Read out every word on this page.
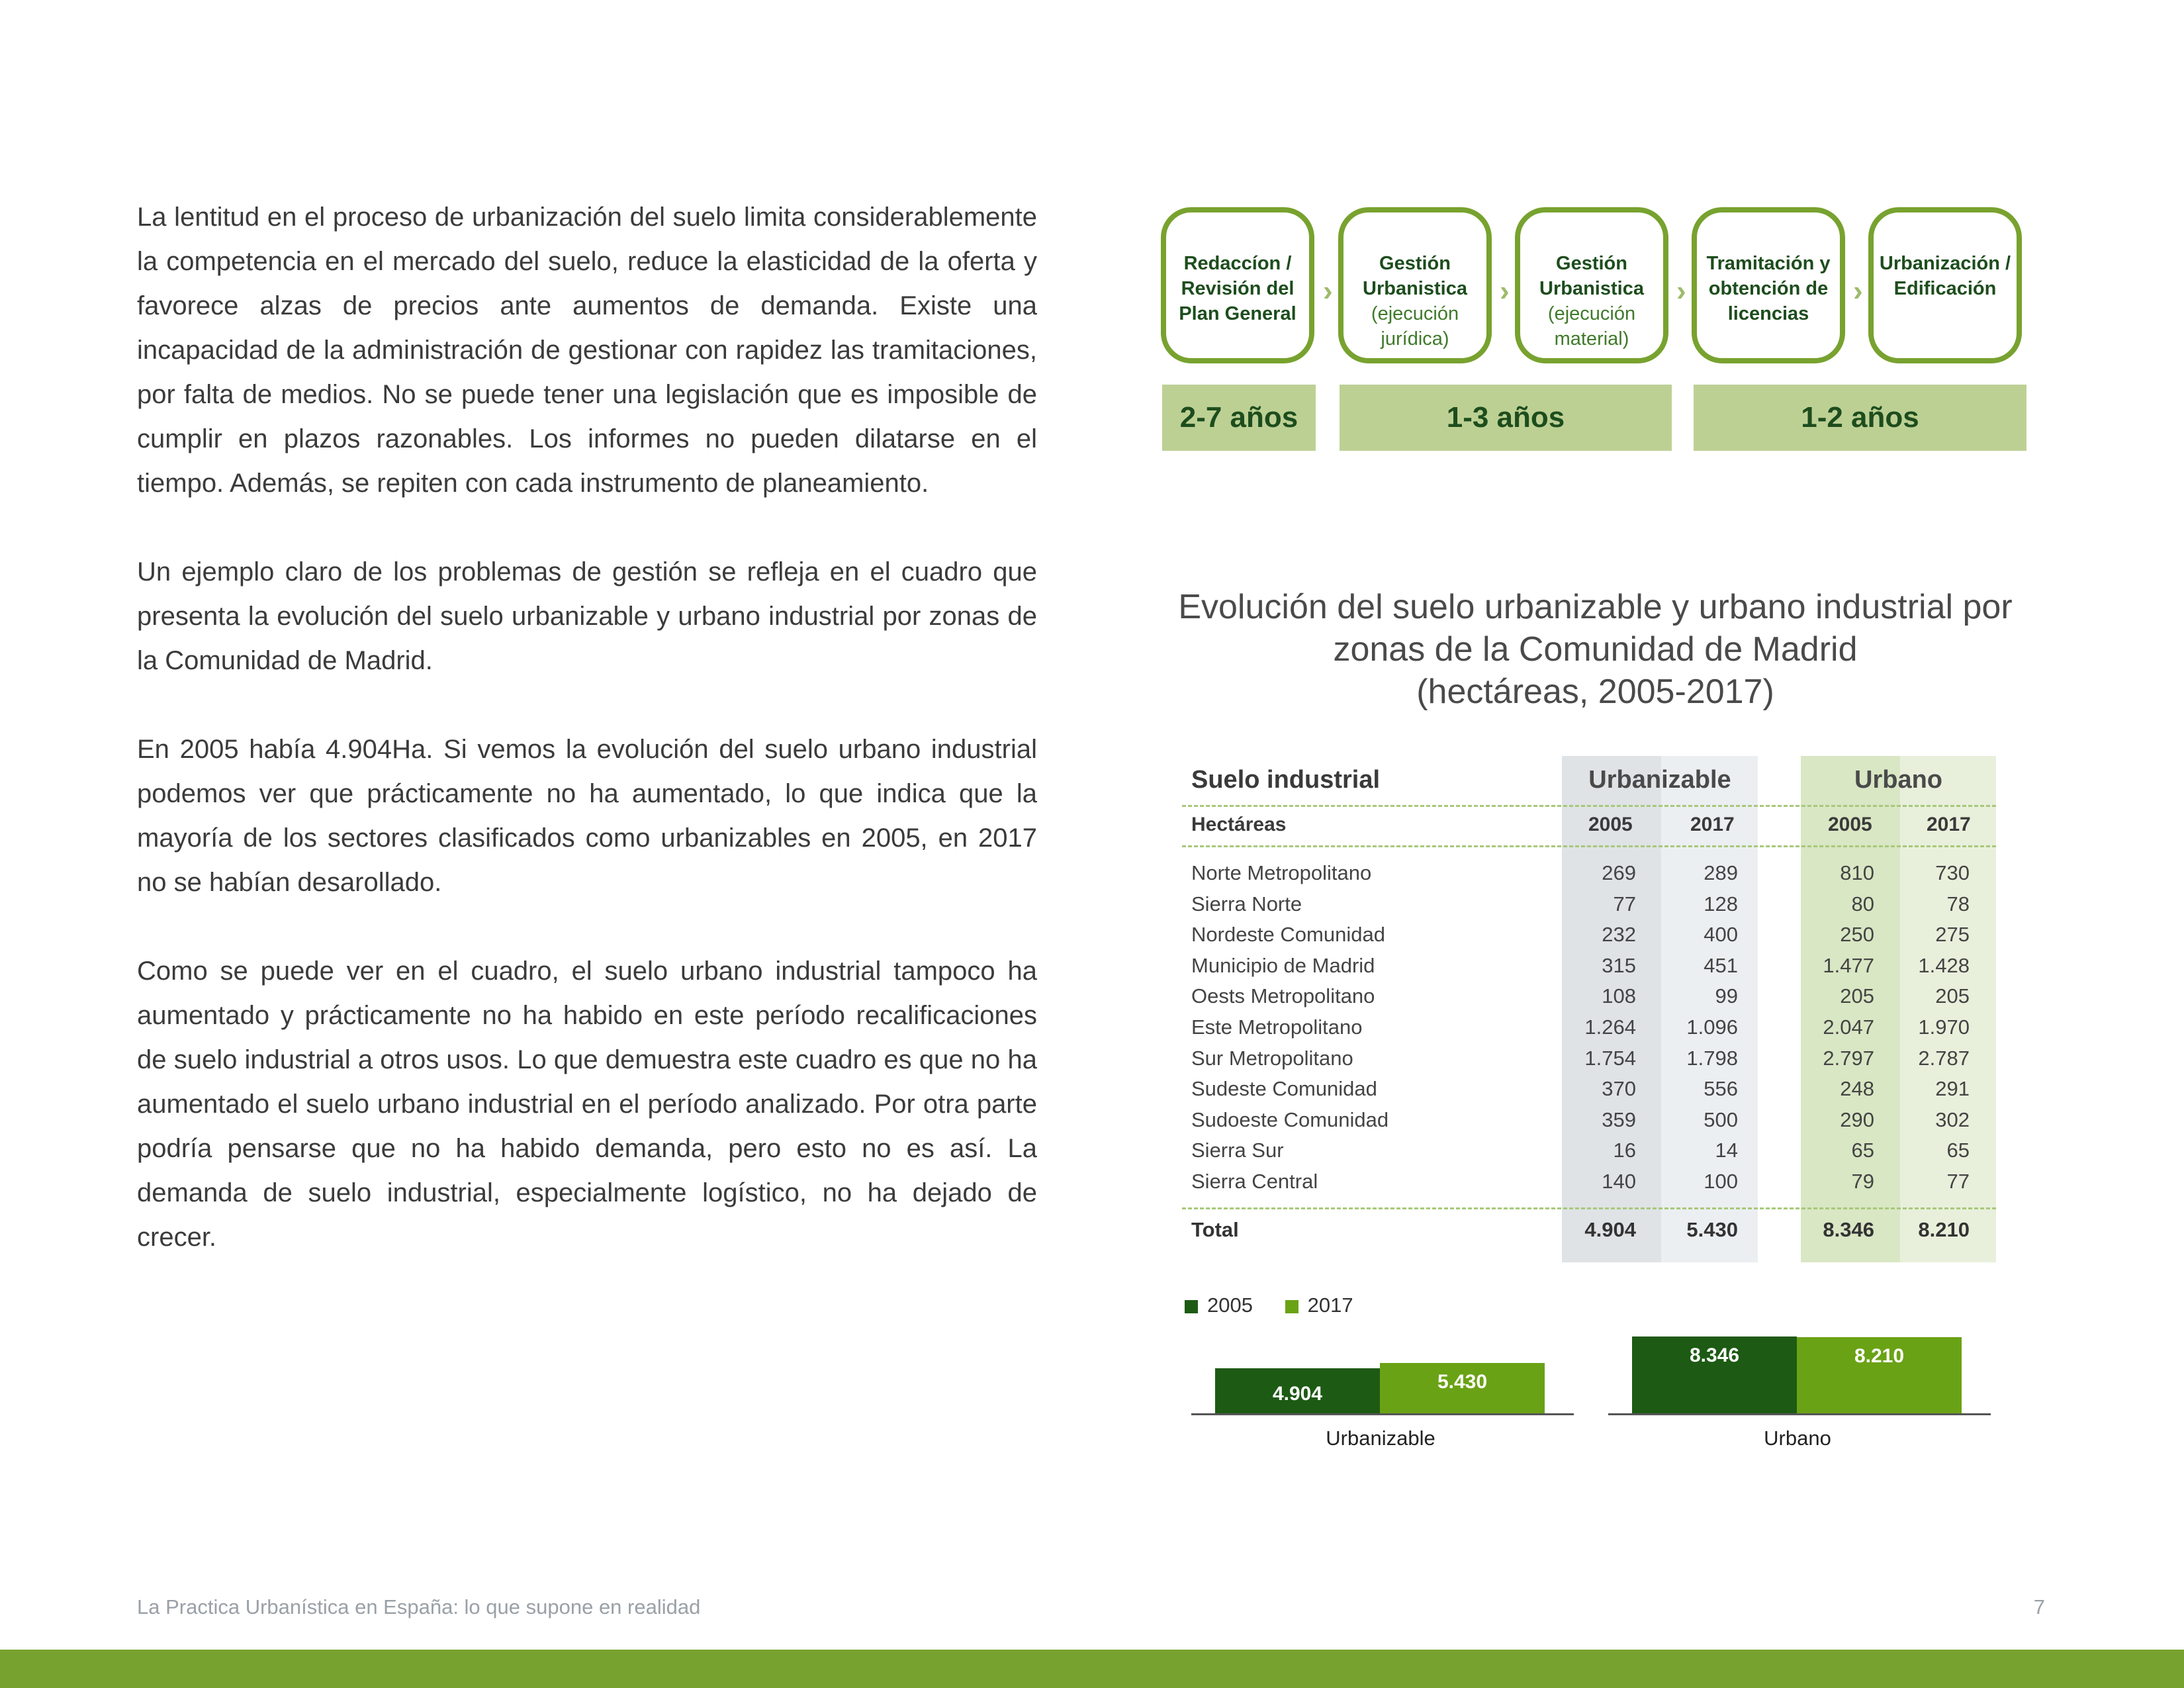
La lentitud en el proceso de urbanización del suelo limita considerablemente la competencia en el mercado del suelo, reduce la elasticidad de la oferta y favorece alzas de precios ante aumentos de demanda. Existe una incapacidad de la administración de gestionar con rapidez las tramitaciones, por falta de medios. No se puede tener una legislación que es imposible de cumplir en plazos razonables. Los informes no pueden dilatarse en el tiempo. Además, se repiten con cada instrumento de planeamiento.

Un ejemplo claro de los problemas de gestión se refleja en el cuadro que presenta la evolución del suelo urbanizable y urbano industrial por zonas de la Comunidad de Madrid.

En 2005 había 4.904Ha. Si vemos la evolución del suelo urbano industrial podemos ver que prácticamente no ha aumentado, lo que indica que la mayoría de los sectores clasificados como urbanizables en 2005, en 2017 no se habían desarollado.

Como se puede ver en el cuadro, el suelo urbano industrial tampoco ha aumentado y prácticamente no ha habido en este período recalificaciones de suelo industrial a otros usos. Lo que demuestra este cuadro es que no ha aumentado el suelo urbano industrial en el período analizado. Por otra parte podría pensarse que no ha habido demanda, pero esto no es así. La demanda de suelo industrial, especialmente logístico, no ha dejado de crecer.

Redaccíon / Revisión del Plan General
›
Gestión Urbanistica
(ejecución jurídica)
›
Gestión Urbanistica
(ejecución material)
›
Tramitación y obtención de licencias
›
Urbanización / Edificación
2-7 años	1-3 años	1-2 años
Evolución del suelo urbanizable y urbano industrial por
zonas de la Comunidad de Madrid
(hectáreas, 2005-2017)
Suelo industrial	Urbanizable	Urbano
Hectáreas	2005	2017	2005	2017
Norte Metropolitano	269	289	810	730
Sierra Norte	77	128	80	78
Nordeste Comunidad	232	400	250	275
Municipio de Madrid	315	451	1.477	1.428
Oests Metropolitano	108	99	205	205
Este Metropolitano	1.264	1.096	2.047	1.970
Sur Metropolitano	1.754	1.798	2.797	2.787
Sudeste Comunidad	370	556	248	291
Sudoeste Comunidad	359	500	290	302
Sierra Sur	16	14	65	65
Sierra Central	140	100	79	77
Total	4.904	5.430	8.346	8.210
2005	2017
Urbanizable	Urbano
4.904
5.430
8.346	8.210
La Practica Urbanística en España: lo que supone en realidad	7
